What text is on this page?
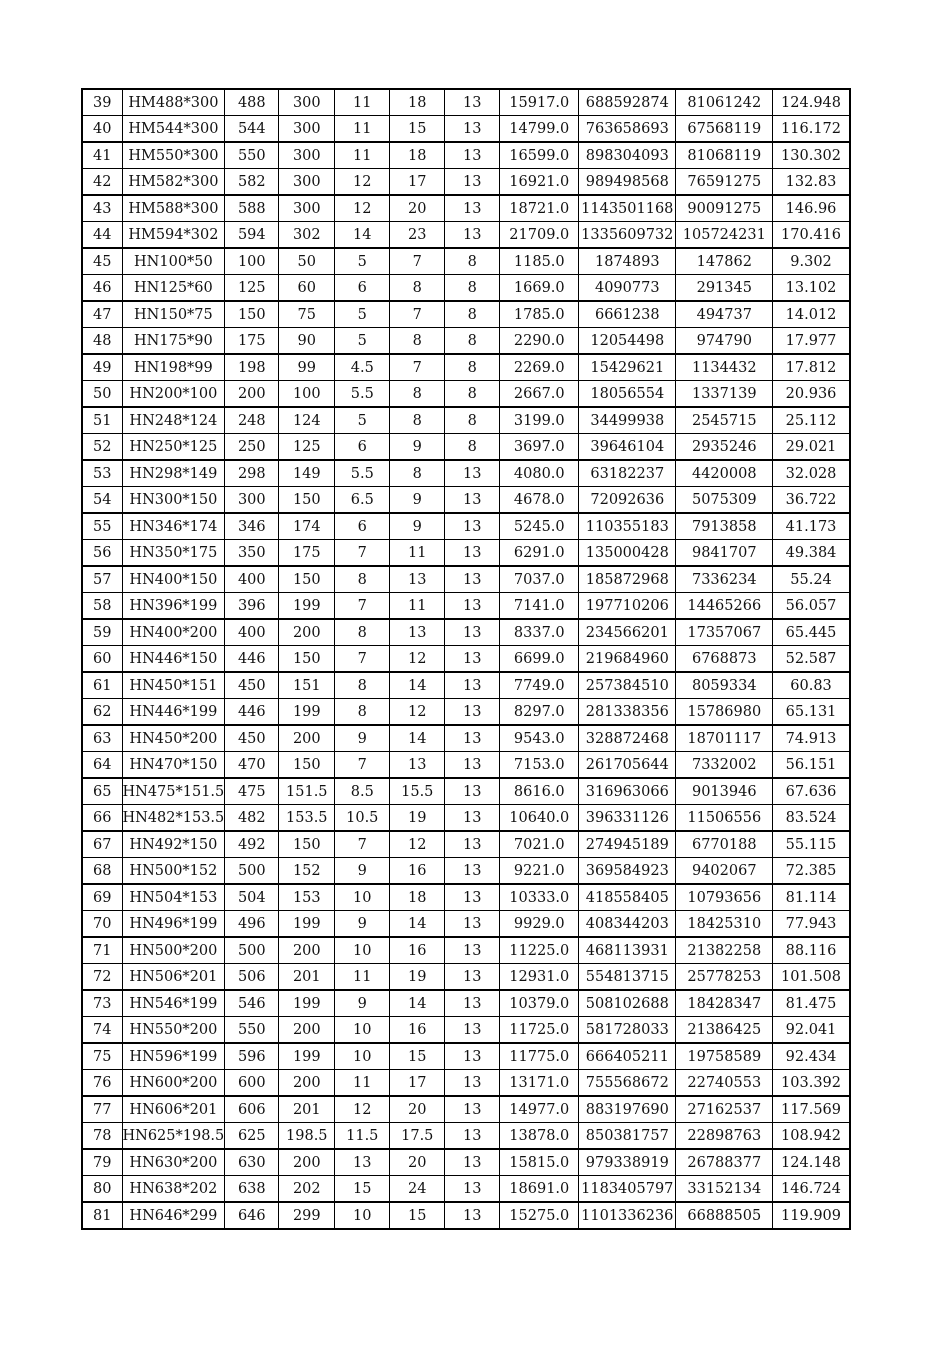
39	HM488*300	488	300	11	18	13	15917.0	688592874	81061242	124.948
40	HM544*300	544	300	11	15	13	14799.0	763658693	67568119	116.172
41	HM550*300	550	300	11	18	13	16599.0	898304093	81068119	130.302
42	HM582*300	582	300	12	17	13	16921.0	989498568	76591275	132.83
43	HM588*300	588	300	12	20	13	18721.0	1143501168	90091275	146.96
44	HM594*302	594	302	14	23	13	21709.0	1335609732	105724231	170.416
45	HN100*50	100	50	5	7	8	1185.0	1874893	147862	9.302
46	HN125*60	125	60	6	8	8	1669.0	4090773	291345	13.102
47	HN150*75	150	75	5	7	8	1785.0	6661238	494737	14.012
48	HN175*90	175	90	5	8	8	2290.0	12054498	974790	17.977
49	HN198*99	198	99	4.5	7	8	2269.0	15429621	1134432	17.812
50	HN200*100	200	100	5.5	8	8	2667.0	18056554	1337139	20.936
51	HN248*124	248	124	5	8	8	3199.0	34499938	2545715	25.112
52	HN250*125	250	125	6	9	8	3697.0	39646104	2935246	29.021
53	HN298*149	298	149	5.5	8	13	4080.0	63182237	4420008	32.028
54	HN300*150	300	150	6.5	9	13	4678.0	72092636	5075309	36.722
55	HN346*174	346	174	6	9	13	5245.0	110355183	7913858	41.173
56	HN350*175	350	175	7	11	13	6291.0	135000428	9841707	49.384
57	HN400*150	400	150	8	13	13	7037.0	185872968	7336234	55.24
58	HN396*199	396	199	7	11	13	7141.0	197710206	14465266	56.057
59	HN400*200	400	200	8	13	13	8337.0	234566201	17357067	65.445
60	HN446*150	446	150	7	12	13	6699.0	219684960	6768873	52.587
61	HN450*151	450	151	8	14	13	7749.0	257384510	8059334	60.83
62	HN446*199	446	199	8	12	13	8297.0	281338356	15786980	65.131
63	HN450*200	450	200	9	14	13	9543.0	328872468	18701117	74.913
64	HN470*150	470	150	7	13	13	7153.0	261705644	7332002	56.151
65	HN475*151.5	475	151.5	8.5	15.5	13	8616.0	316963066	9013946	67.636
66	HN482*153.5	482	153.5	10.5	19	13	10640.0	396331126	11506556	83.524
67	HN492*150	492	150	7	12	13	7021.0	274945189	6770188	55.115
68	HN500*152	500	152	9	16	13	9221.0	369584923	9402067	72.385
69	HN504*153	504	153	10	18	13	10333.0	418558405	10793656	81.114
70	HN496*199	496	199	9	14	13	9929.0	408344203	18425310	77.943
71	HN500*200	500	200	10	16	13	11225.0	468113931	21382258	88.116
72	HN506*201	506	201	11	19	13	12931.0	554813715	25778253	101.508
73	HN546*199	546	199	9	14	13	10379.0	508102688	18428347	81.475
74	HN550*200	550	200	10	16	13	11725.0	581728033	21386425	92.041
75	HN596*199	596	199	10	15	13	11775.0	666405211	19758589	92.434
76	HN600*200	600	200	11	17	13	13171.0	755568672	22740553	103.392
77	HN606*201	606	201	12	20	13	14977.0	883197690	27162537	117.569
78	HN625*198.5	625	198.5	11.5	17.5	13	13878.0	850381757	22898763	108.942
79	HN630*200	630	200	13	20	13	15815.0	979338919	26788377	124.148
80	HN638*202	638	202	15	24	13	18691.0	1183405797	33152134	146.724
81	HN646*299	646	299	10	15	13	15275.0	1101336236	66888505	119.909
